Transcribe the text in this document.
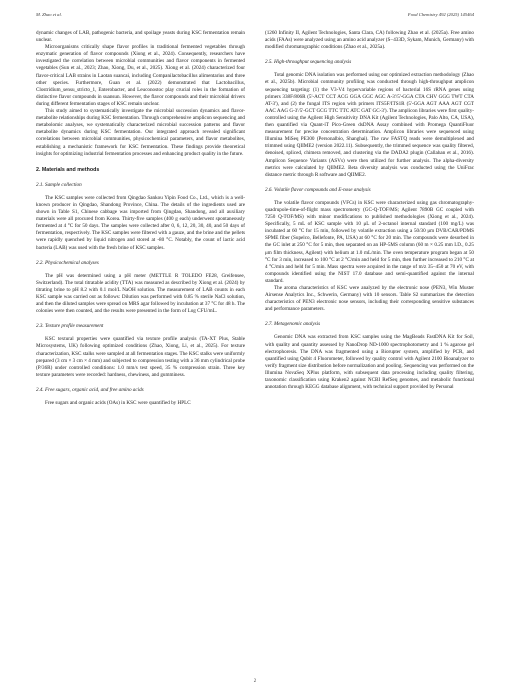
M. Zhao et al.	Food Chemistry 492 (2025) 145464

dynamic changes of LAB, pathogenic bacteria, and spoilage yeasts during KSC fermentation remain unclear.

Microorganisms critically shape flavor profiles in traditional fermented vegetables through enzymatic generation of flavor compounds (Xiong et al., 2024). Consequently, researchers have investigated the correlation between microbial communities and flavor components in fermented vegetables (Sun et al., 2023; Zhao, Xiong, Du, et al., 2025). Xiong et al. (2024) characterized four flavor-critical LAB strains in Laotan suancai, including Companilactobacillus alimentarius and three other species. Furthermore, Guan et al. (2022) demonstrated that Lactobacillus, Clostridium_sensu_stricto_1, Enterobacter, and Leuconostoc play crucial roles in the formation of distinctive flavor compounds in suansun. However, the flavor compounds and their microbial drivers during different fermentation stages of KSC remain unclear.

This study aimed to systematically investigate the microbial succession dynamics and flavor-metabolite relationships during KSC fermentation. Through comprehensive amplicon sequencing and metabolomic analyses, we systematically characterized microbial succession patterns and flavor metabolite dynamics during KSC fermentation. Our integrated approach revealed significant correlations between microbial communities, physicochemical parameters, and flavor metabolites, establishing a mechanistic framework for KSC fermentation. These findings provide theoretical insights for optimizing industrial fermentation processes and enhancing product quality in the future.

2. Materials and methods
2.1. Sample collection

The KSC samples were collected from Qingdao Sankou Yipin Food Co., Ltd., which is a well-known producer in Qingdao, Shandong Province, China. The details of the ingredients used are shown in Table S1, Chinese cabbage was imported from Qingdao, Shandong, and all auxiliary materials were all procured from Korea. Thirty-five samples (400 g each) underwent spontaneously fermented at 4 °C for 50 days. The samples were collected after 0, 6, 12, 20, 30, 40, and 50 days of fermentation, respectively. The KSC samples were filtered with a gauze, and the brine and the pellets were rapidly quenched by liquid nitrogen and stored at -80 °C. Notably, the count of lactic acid bacteria (LAB) was used with the fresh brine of KSC samples.

2.2. Physicochemical analyses

The pH was determined using a pH meter (METTLE R TOLEDO FE28, Greifensee, Switzerland). The total titratable acidity (TTA) was measured as described by Xiong et al. (2024) by titrating brine to pH 8.2 with 0.1 mol/L NaOH solution. The measurement of LAB counts in each KSC sample was carried out as follows: Dilution was performed with 0.85 % sterile NaCl solution, and then the diluted samples were spread on MRS agar followed by incubation at 37 °C for 48 h. The colonies were then counted, and the results were presented in the form of Log CFU/mL.

2.3. Texture profile measurement

KSC textural properties were quantified via texture profile analysis (TA-XT Plus, Stable Microsystems, UK) following optimized conditions (Zhao, Xiong, Li, et al., 2025). For texture characterization, KSC stalks were sampled at all fermentation stages. The KSC stalks were uniformly prepared (3 cm × 3 cm × 4 mm) and subjected to compression testing with a 36 mm cylindrical probe (P/36R) under controlled conditions: 1.0 mm/s test speed, 35 % compression strain. Three key texture parameters were recorded: hardness, chewiness, and gumminess.

2.4. Free sugars, organic acid, and free amino acids

Free sugars and organic acids (OAs) in KSC were quantified by HPLC

(1260 Infinity II, Agilent Technologies, Santa Clara, CA) following Zhao et al. (2025a). Free amino acids (FAAs) were analyzed using an amino acid analyzer (S−433D, Sykam, Munich, Germany) with modified chromatographic conditions (Zhao et al., 2025a).

2.5. High-throughput sequencing analysis

Total genomic DNA isolation was performed using our optimized extraction methodology (Zhao et al., 2025b). Microbial community profiling was conducted through high-throughput amplicon sequencing targeting: (1) the V3-V4 hypervariable regions of bacterial 16S rRNA genes using primers 338F/806R (5'-ACT CCT ACG GGA GGC AGC A-3'/5'-GGA CTA CHV GGG TWT CTA AT-3'), and (2) the fungal ITS region with primers ITS5F/ITS1R (5'-GGA AGT AAA AGT CGT AAC AAG G-3'/5'-GCT GCG TTC TTC ATC GAT GC-3'). The amplicon libraries were first quality-controlled using the Agilent High Sensitivity DNA Kit (Agilent Technologies, Palo Alto, CA, USA), then quantified via Quant-iT Pico-Green dsDNA Assay combined with Promega QuantiFluor measurement for precise concentration determination. Amplicon libraries were sequenced using Illumina MiSeq PE300 (Personalbio, Shanghai). The raw FASTQ reads were demultiplexed and trimmed using QIIME2 (version 2022.11). Subsequently, the trimmed sequence was quality filtered, denoised, spliced, chimera removed, and clustering via the DADA2 plugin (Callahan et al., 2016). Amplicon Sequence Variants (ASVs) were then utilized for further analysis. The alpha-diversity metrics were calculated by QIIME2. Beta diversity analysis was conducted using the UniFrac distance metric through R software and QIIME2.

2.6. Volatile flavor compounds and E-nose analysis

The volatile flavor compounds (VFCs) in KSC were characterized using gas chromatography-quadrupole-time-of-flight mass spectrometry (GC-Q-TOF/MS; Agilent 7890B GC coupled with 7250 Q-TOF/MS) with minor modifications to published methodologies (Xiong et al., 2024). Specifically, 5 mL of KSC sample with 10 μL of 2-octanol internal standard (100 mg/L) was incubated at 60 °C for 15 min, followed by volatile extraction using a 50/30 μm DVB/CAR/PDMS SPME fiber (Supelco, Bellefonte, PA, USA) at 60 °C for 20 min. The compounds were desorbed in the GC inlet at 250 °C for 5 min, then separated on an HP-5MS column (60 m × 0.25 mm I.D., 0.25 μm film thickness, Agilent) with helium at 1.0 mL/min. The oven temperature program began at 50 °C for 3 min, increased to 100 °C at 2 °C/min and held for 5 min, then further increased to 210 °C at 4 °C/min and held for 5 min. Mass spectra were acquired in the range of m/z 35–450 at 70 eV, with compounds identified using the NIST 17.0 database and semi-quantified against the internal standard.

The aroma characteristics of KSC were analyzed by the electronic nose (PEN3, Win Muster Airsense Analytics Inc., Schwerin, Germany) with 10 sensors. Table S2 summarizes the detection characteristics of PEN3 electronic nose sensors, including their corresponding sensitive substances and performance parameters.

2.7. Metagenomic analysis

Genomic DNA was extracted from KSC samples using the MagBeads FastDNA Kit for Soil, with quality and quantity assessed by NanoDrop ND-1000 spectrophotometry and 1 % agarose gel electrophoresis. The DNA was fragmented using a Biorupter system, amplified by PCR, and quantified using Qubit 4 Fluorometer, followed by quality control with Agilent 2100 Bioanalyzer to verify fragment size distribution before normalization and pooling. Sequencing was performed on the Illumina NovaSeq XPlus platform, with subsequent data processing including quality filtering, taxonomic classification using Kraken2 against NCBI RefSeq genomes, and metabolic functional annotation through KEGG database alignment, with technical support provided by Personal

2
